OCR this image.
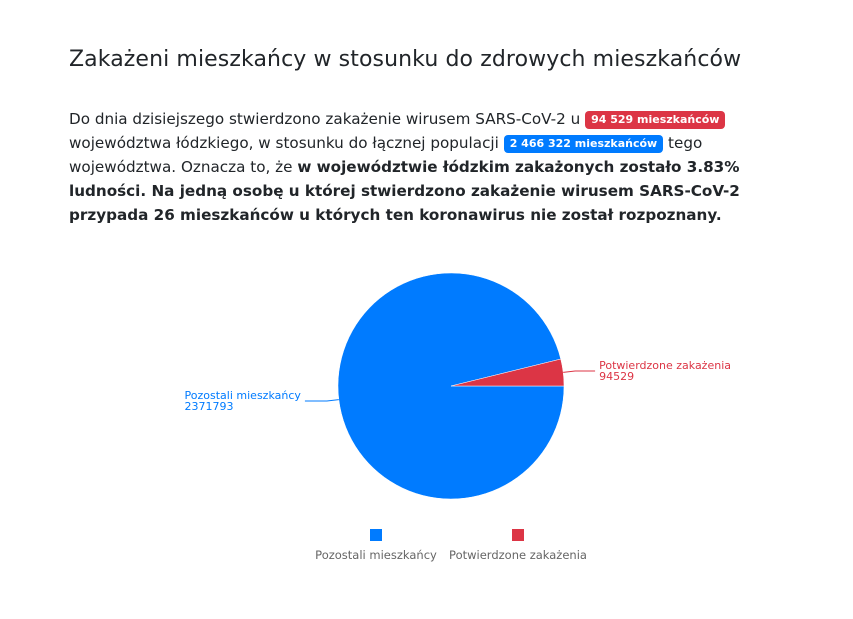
Zakażeni mieszkańcy w stosunku do zdrowych mieszkańców

Do dnia dzisiejszego stwierdzono zakażenie wirusem SARS-CoV-2 u 94 529 mieszkańców województwa łódzkiego, w stosunku do łącznej populacji 2 466 322 mieszkańców tego województwa. Oznacza to, że w województwie łódzkim zakażonych zostało 3.83% ludności. Na jedną osobę u której stwierdzono zakażenie wirusem SARS-CoV-2 przypada 26 mieszkańców u których ten koronawirus nie został rozpoznany.

Potwierdzone zakażenia
94529
Pozostali mieszkańcy
2371793
Pozostali mieszkańcy Potwierdzone zakażenia
